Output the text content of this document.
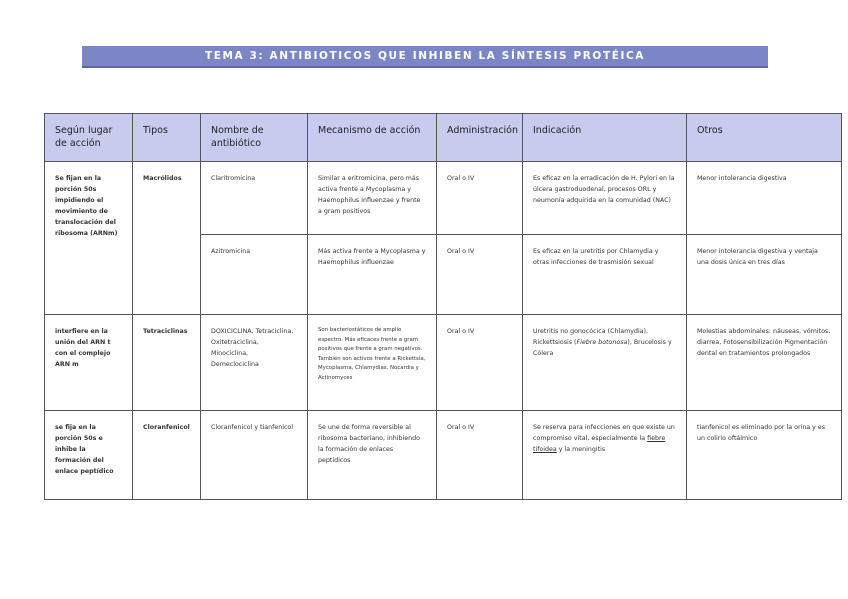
TEMA 3: ANTIBIOTICOS QUE INHIBEN LA SÍNTESIS PROTÉICA
Según lugar de acción	Tipos	Nombre de antibiótico	Mecanismo de acción	Administración	Indicación	Otros
Se fijan en la porción 50s impidiendo el movimiento de translocación del ribosoma (ARNm)	Macrólidos	Claritromicina	Similar a eritromicina, pero más activa frente a Mycoplasma y Haemophilus influenzae y frente a gram positivos	Oral o IV	Es eficaz en la erradicación de H. Pylori en la úlcera gastroduodenal, procesos ORL y neumonía adquirida en la comunidad (NAC)	Menor intolerancia digestiva
		Azitromicina	Más activa frente a Mycoplasma y Haemophilus influenzae	Oral o IV	Es eficaz en la uretritis por Chlamydia y otras infecciones de trasmisión sexual	Menor intolerancia digestiva y ventaja una dosis única en tres días
interfiere en la unión del ARN t con el complejo ARN m	Tetraciclinas	DOXICICLINA, Tetraciclina, Oxitetraciclina, Minociclina, Demeclociclina	Son bacteriostáticos de amplio espectro. Más eficaces frente a gram positivos que frente a gram negativos. También son activos frente a Rickettsia, Mycoplasma, Chlamydias, Nocardia y Actinomyces	Oral o IV	Uretritis no gonocócica (Chlamydia), Rickettsiosis (Fiebre botonosa), Brucelosis y Cólera	Molestias abdominales: náuseas, vómitos, diarrea, Fotosensibilización Pigmentación dental en tratamientos prolongados
se fija en la porción 50s e inhibe la formación del enlace peptídico	Cloranfenicol	Cloranfenicol y tianfenicol	Se une de forma reversible al ribosoma bacteriano, inhibiendo la formación de enlaces peptídicos	Oral o IV	Se reserva para infecciones en que existe un compromiso vital, especialmente la fiebre tifoidea y la meningitis	tianfenicol es eliminado por la orina y es un colirio oftálmico
